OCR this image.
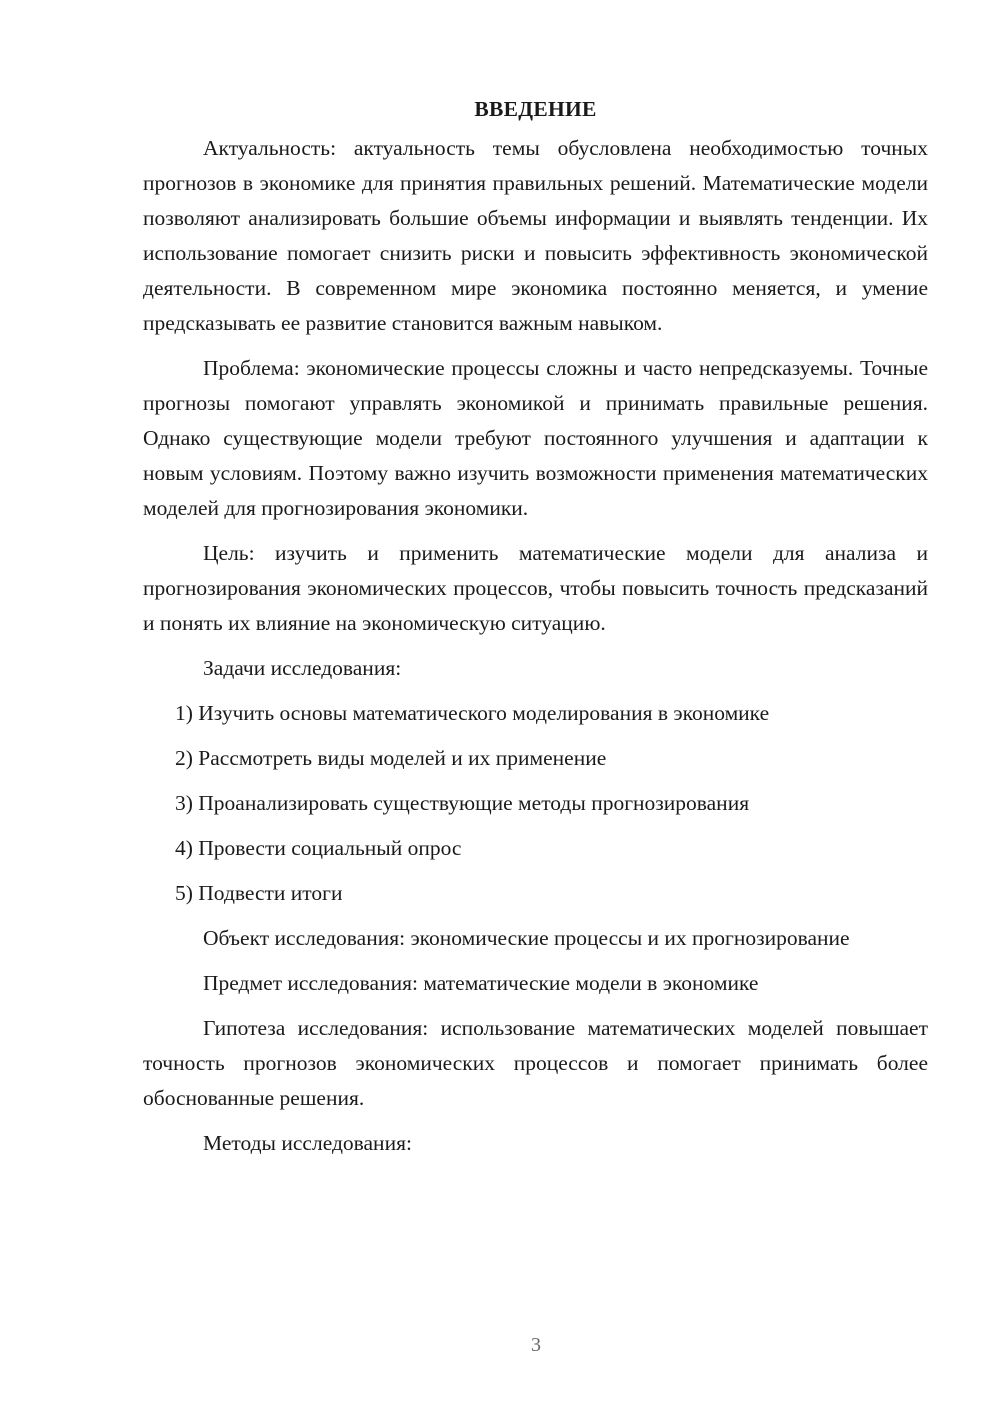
ВВЕДЕНИЕ

Актуальность: актуальность темы обусловлена необходимостью точных прогнозов в экономике для принятия правильных решений. Математические модели позволяют анализировать большие объемы информации и выявлять тенденции. Их использование помогает снизить риски и повысить эффективность экономической деятельности. В современном мире экономика постоянно меняется, и умение предсказывать ее развитие становится важным навыком.

Проблема: экономические процессы сложны и часто непредсказуемы. Точные прогнозы помогают управлять экономикой и принимать правильные решения. Однако существующие модели требуют постоянного улучшения и адаптации к новым условиям. Поэтому важно изучить возможности применения математических моделей для прогнозирования экономики.

Цель: изучить и применить математические модели для анализа и прогнозирования экономических процессов, чтобы повысить точность предсказаний и понять их влияние на экономическую ситуацию.

Задачи исследования:

1) Изучить основы математического моделирования в экономике
2) Рассмотреть виды моделей и их применение
3) Проанализировать существующие методы прогнозирования
4) Провести социальный опрос
5) Подвести итоги

Объект исследования: экономические процессы и их прогнозирование

Предмет исследования: математические модели в экономике

Гипотеза исследования: использование математических моделей повышает точность прогнозов экономических процессов и помогает принимать более обоснованные решения.

Методы исследования:

3
